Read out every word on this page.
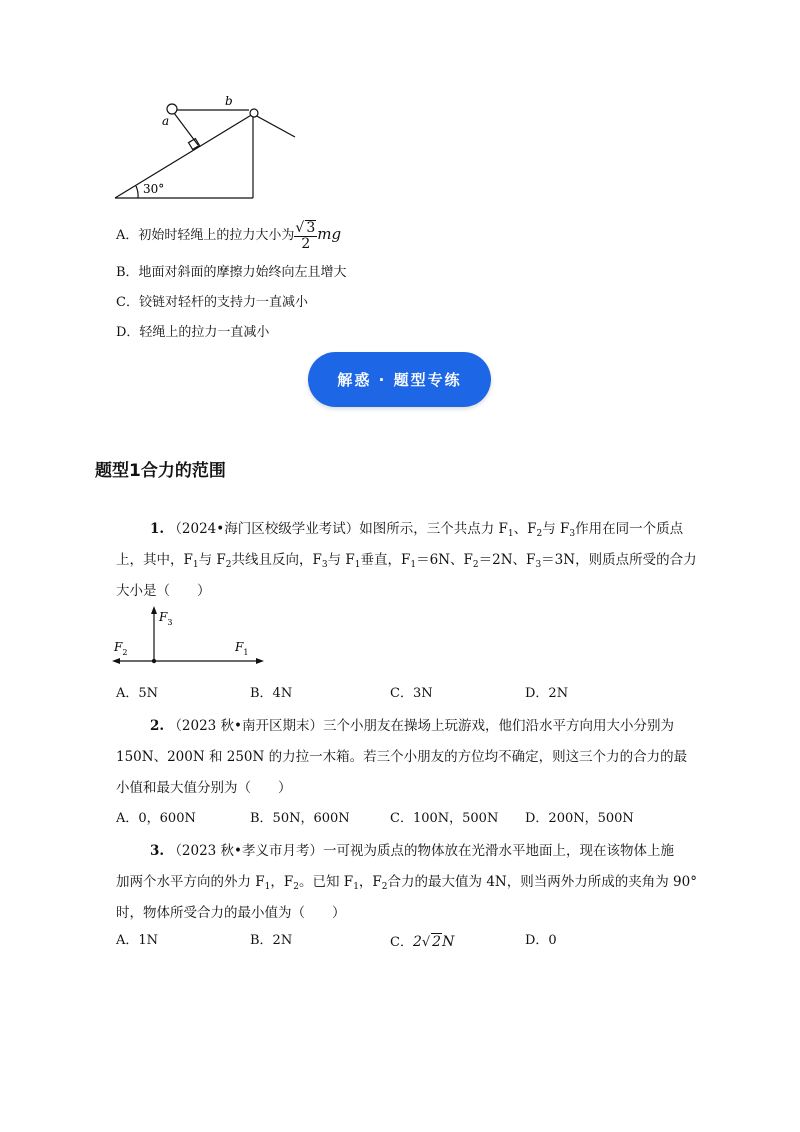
a
b
30°
A．初始时轻绳上的拉力大小为 $\frac{√ 3}{2}$ mg
B．地面对斜面的摩擦力始终向左且增大
C．铰链对轻杆的支持力一直减小
D．轻绳上的拉力一直减小
解惑 · 题型专练
题型1合力的范围
1. （2024•海门区校级学业考试）如图所示，三个共点力 $F_1$、$F_2$与 $F_3$作用在同一个质点
上，其中，$F_1$与 $F_2$共线且反向，$F_3$与 $F_1$垂直，$F_1=6N$、$F_2=2N$、$F_3=3N$，则质点所受的合力
大小是（　　）
$F_3$
$F_2$	$F_1$
A．5N	B．4N	C．3N	D．2N
2. （2023 秋•南开区期末）三个小朋友在操场上玩游戏，他们沿水平方向用大小分别为
150N、200N 和 250N 的力拉一木箱。若三个小朋友的方位均不确定，则这三个力的合力的最
小值和最大值分别为（　　）
A．0，600N	B．50N，600N	C．100N，500N D．200N，500N
3. （2023 秋•孝义市月考）一可视为质点的物体放在光滑水平地面上，现在该物体上施
加两个水平方向的外力 $F_1$，$F_2$。已知 $F_1$，$F_2$合力的最大值为 4N，则当两外力所成的夹角为 90°
时，物体所受合力的最小值为（　　）
A．1N	B．2N	C．2√ 2N	D．0
